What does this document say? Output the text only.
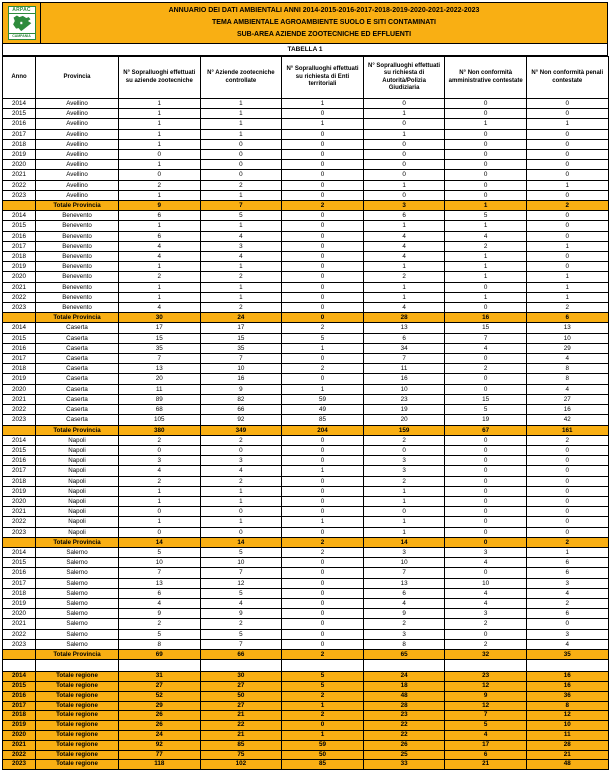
ARPAC
CAMPANIA
ANNUARIO DEI DATI AMBIENTALI ANNI 2014-2015-2016-2017-2018-2019-2020-2021-2022-2023
TEMA AMBIENTALE AGROAMBIENTE SUOLO E SITI CONTAMINATI
SUB-AREA AZIENDE ZOOTECNICHE ED EFFLUENTI
TABELLA 1
Anno	Provincia	N° Sopralluoghi effettuati su aziende zootecniche	N° Aziende zootecniche controllate	N° Sopralluoghi effettuati su richiesta di Enti territoriali	N° Sopralluoghi effettuati su richiesta di Autorità/Polizia Giudiziaria	N° Non conformità amministrative contestate	N° Non conformità penali contestate
2014	Avellino	1	1	1	0	0	0
2015	Avellino	1	1	0	1	0	0
2016	Avellino	1	1	1	0	1	1
2017	Avellino	1	1	0	1	0	0
2018	Avellino	1	0	0	0	0	0
2019	Avellino	0	0	0	0	0	0
2020	Avellino	1	0	0	0	0	0
2021	Avellino	0	0	0	0	0	0
2022	Avellino	2	2	0	1	0	1
2023	Avellino	1	1	0	0	0	0
	Totale Provincia	9	7	2	3	1	2
2014	Benevento	6	5	0	6	5	0
2015	Benevento	1	1	0	1	1	0
2016	Benevento	6	4	0	4	4	0
2017	Benevento	4	3	0	4	2	1
2018	Benevento	4	4	0	4	1	0
2019	Benevento	1	1	0	1	1	0
2020	Benevento	2	2	0	2	1	1
2021	Benevento	1	1	0	1	0	1
2022	Benevento	1	1	0	1	1	1
2023	Benevento	4	2	0	4	0	2
	Totale Provincia	30	24	0	28	16	6
2014	Caserta	17	17	2	13	15	13
2015	Caserta	15	15	5	6	7	10
2016	Caserta	35	35	1	34	4	29
2017	Caserta	7	7	0	7	0	4
2018	Caserta	13	10	2	11	2	8
2019	Caserta	20	16	0	16	0	8
2020	Caserta	11	9	1	10	0	4
2021	Caserta	89	82	59	23	15	27
2022	Caserta	68	66	49	19	5	16
2023	Caserta	105	92	85	20	19	42
	Totale Provincia	380	349	204	159	67	161
2014	Napoli	2	2	0	2	0	2
2015	Napoli	0	0	0	0	0	0
2016	Napoli	3	3	0	3	0	0
2017	Napoli	4	4	1	3	0	0
2018	Napoli	2	2	0	2	0	0
2019	Napoli	1	1	0	1	0	0
2020	Napoli	1	1	0	1	0	0
2021	Napoli	0	0	0	0	0	0
2022	Napoli	1	1	1	1	0	0
2023	Napoli	0	0	0	1	0	0
	Totale Provincia	14	14	2	14	0	2
2014	Salerno	5	5	2	3	3	1
2015	Salerno	10	10	0	10	4	6
2016	Salerno	7	7	0	7	0	6
2017	Salerno	13	12	0	13	10	3
2018	Salerno	6	5	0	6	4	4
2019	Salerno	4	4	0	4	4	2
2020	Salerno	9	9	0	9	3	6
2021	Salerno	2	2	0	2	2	0
2022	Salerno	5	5	0	3	0	3
2023	Salerno	8	7	0	8	2	4
	Totale Provincia	69	66	2	65	32	35

2014	Totale regione	31	30	5	24	23	16
2015	Totale regione	27	27	5	18	12	16
2016	Totale regione	52	50	2	48	9	36
2017	Totale regione	29	27	1	28	12	8
2018	Totale regione	26	21	2	23	7	12
2019	Totale regione	26	22	0	22	5	10
2020	Totale regione	24	21	1	22	4	11
2021	Totale regione	92	85	59	26	17	28
2022	Totale regione	77	75	50	25	6	21
2023	Totale regione	118	102	85	33	21	48
